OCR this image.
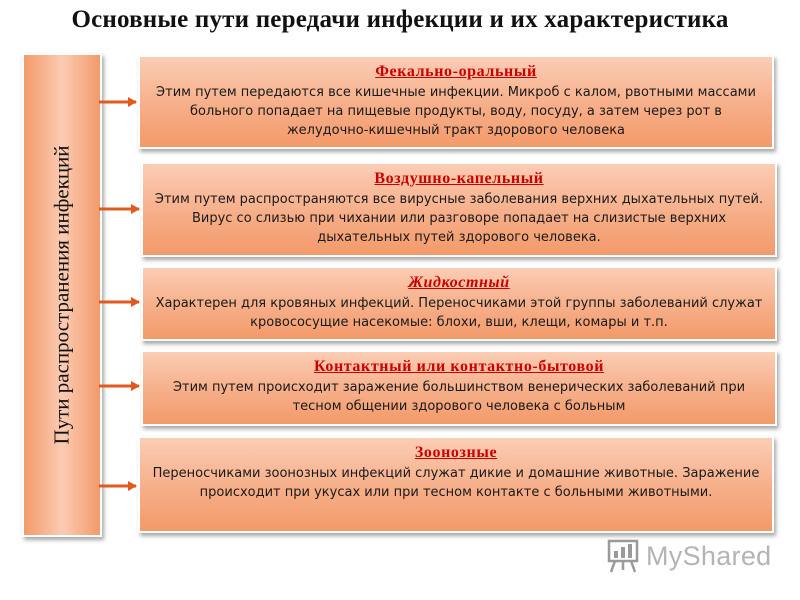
Основные пути передачи инфекции и их характеристика
Пути распространения инфекций
Фекально-оральный
Этим путем передаются все кишечные инфекции. Микроб с калом, рвотными массами больного попадает на пищевые продукты, воду, посуду, а затем через рот в желудочно-кишечный тракт здорового человека
Воздушно-капельный
Этим путем распространяются все вирусные заболевания верхних дыхательных путей. Вирус со слизью при чихании или разговоре попадает на слизистые верхних дыхательных путей здорового человека.
Жидкостный
Характерен для кровяных инфекций. Переносчиками этой группы заболеваний служат кровососущие насекомые: блохи, вши, клещи, комары и т.п.
Контактный или контактно-бытовой
Этим путем происходит заражение большинством венерических заболеваний при тесном общении здорового человека с больным
Зоонозные
Переносчиками зоонозных инфекций служат дикие и домашние животные. Заражение происходит при укусах или при тесном контакте с больными животными.
MyShared
